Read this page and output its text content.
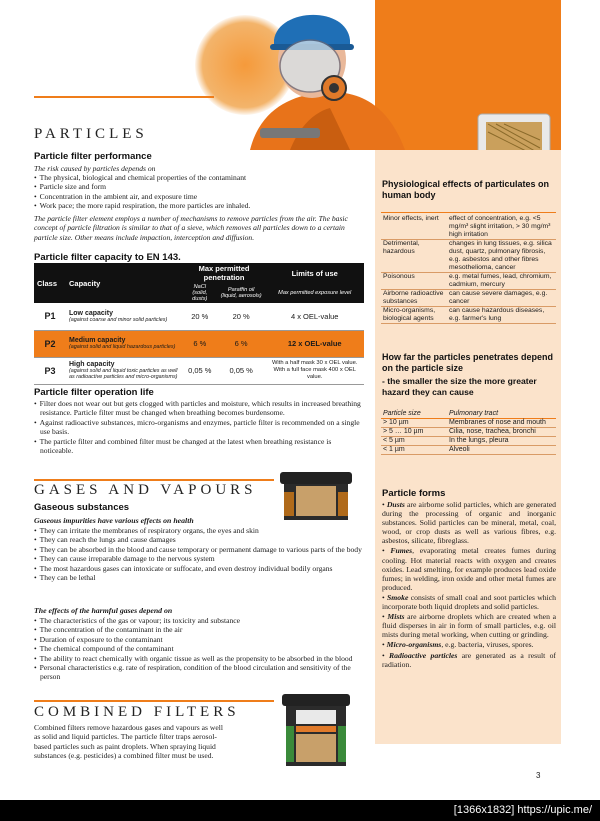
PARTICLES
Particle filter performance
The risk caused by particles depends on
• The physical, biological and chemical properties of the contaminant
• Particle size and form
• Concentration in the ambient air, and exposure time
• Work pace; the more rapid respiration, the more particles are inhaled.
The particle filter element employs a number of mechanisms to remove particles from the air. The basic concept of particle filtration is similar to that of a sieve, which removes all particles down to a certain particle size. Other means include impaction, interception and diffusion.
Particle filter capacity to EN 143.
Class	Capacity	Max permitted penetration		Limits of use
		NaCl (solid, dusts)	Paraffin oil (liquid, aerosols)	Max permitted exposure level
P1	Low capacity
(against coarse and minor solid particles)	20 %	20 %	4 x OEL-value
P2	Medium capacity
(against solid and liquid hazardous particles)	6 %	6 %	12 x OEL-value
P3	High capacity
(against solid and liquid toxic particles as well as radioactive particles and micro-organisms)	0,05 %	0,05 %	With a half mask 30 x OEL value. With a full face mask 400 x OEL value.
Particle filter operation life
• Filter does not wear out but gets clogged with particles and moisture, which results in increased breathing resistance. Particle filter must be changed when breathing becomes burdensome.
• Against radioactive substances, micro-organisms and enzymes, particle filter is recommended on a single use basis.
• The particle filter and combined filter must be changed at the latest when breathing resistance is noticeable.
GASES AND VAPOURS
Gaseous substances
Gaseous impurities have various effects on health
• They can irritate the membranes of respiratory organs, the eyes and skin
• They can reach the lungs and cause damages
• They can be absorbed in the blood and cause temporary or permanent damage to various parts of the body
• They can cause irreparable damage to the nervous system
• The most hazardous gases can intoxicate or suffocate, and even destroy individual bodily organs
• They can be lethal
The effects of the harmful gases depend on
• The characteristics of the gas or vapour; its toxicity and substance
• The concentration of the contaminant in the air
• Duration of exposure to the contaminant
• The chemical compound of the contaminant
• The ability to react chemically with organic tissue as well as the propensity to be absorbed in the blood
• Personal characteristics e.g. rate of respiration, condition of the blood circulation and sensitivity of the person
COMBINED FILTERS
Combined filters remove hazardous gases and vapours as well as solid and liquid particles. The particle filter traps aerosol-based particles such as paint droplets. When spraying liquid substances (e.g. pesticides) a combined filter must be used.
Physiological effects of particulates on human body
Minor effects, inert	effect of concentration, e.g. <5 mg/m³ slight irritation, > 30 mg/m³ high irritation
Detrimental, hazardous	changes in lung tissues, e.g. silica dust, quartz, pulmonary fibrosis, e.g. asbestos and other fibres mesothelioma, cancer
Poisonous	e.g. metal fumes, lead, chromium, cadmium, mercury
Airborne radioactive substances	can cause severe damages, e.g. cancer
Micro-organisms, biological agents	can cause hazardous diseases, e.g. farmer's lung
How far the particles penetrates depend on the particle size
- the smaller the size the more greater hazard they can cause
Particle size	Pulmonary tract
> 10 µm	Membranes of nose and mouth
> 5 … 10 µm	Cilia, nose, trachea, bronchi
< 5 µm	In the lungs, pleura
< 1 µm	Alveoli
Particle forms

• Dusts are airborne solid particles, which are generated during the processing of organic and inorganic substances. Solid particles can be mineral, metal, coal, wood, or crop dusts as well as various fibres, e.g. asbestos, silicate, fibreglass.

• Fumes, evaporating metal creates fumes during cooling. Hot material reacts with oxygen and creates oxides. Lead smelting, for example produces lead oxide fumes; in welding, iron oxide and other metal fumes are produced.

• Smoke consists of small coal and soot particles which incorporate both liquid droplets and solid particles.

• Mists are airborne droplets which are created when a fluid disperses in air in form of small particles, e.g. oil mists during metal working, when cutting or grinding.

• Micro-organisms, e.g. bacteria, viruses, spores.

• Radioactive particles are generated as a result of radiation.

3
[1366x1832] https://upic.me/
